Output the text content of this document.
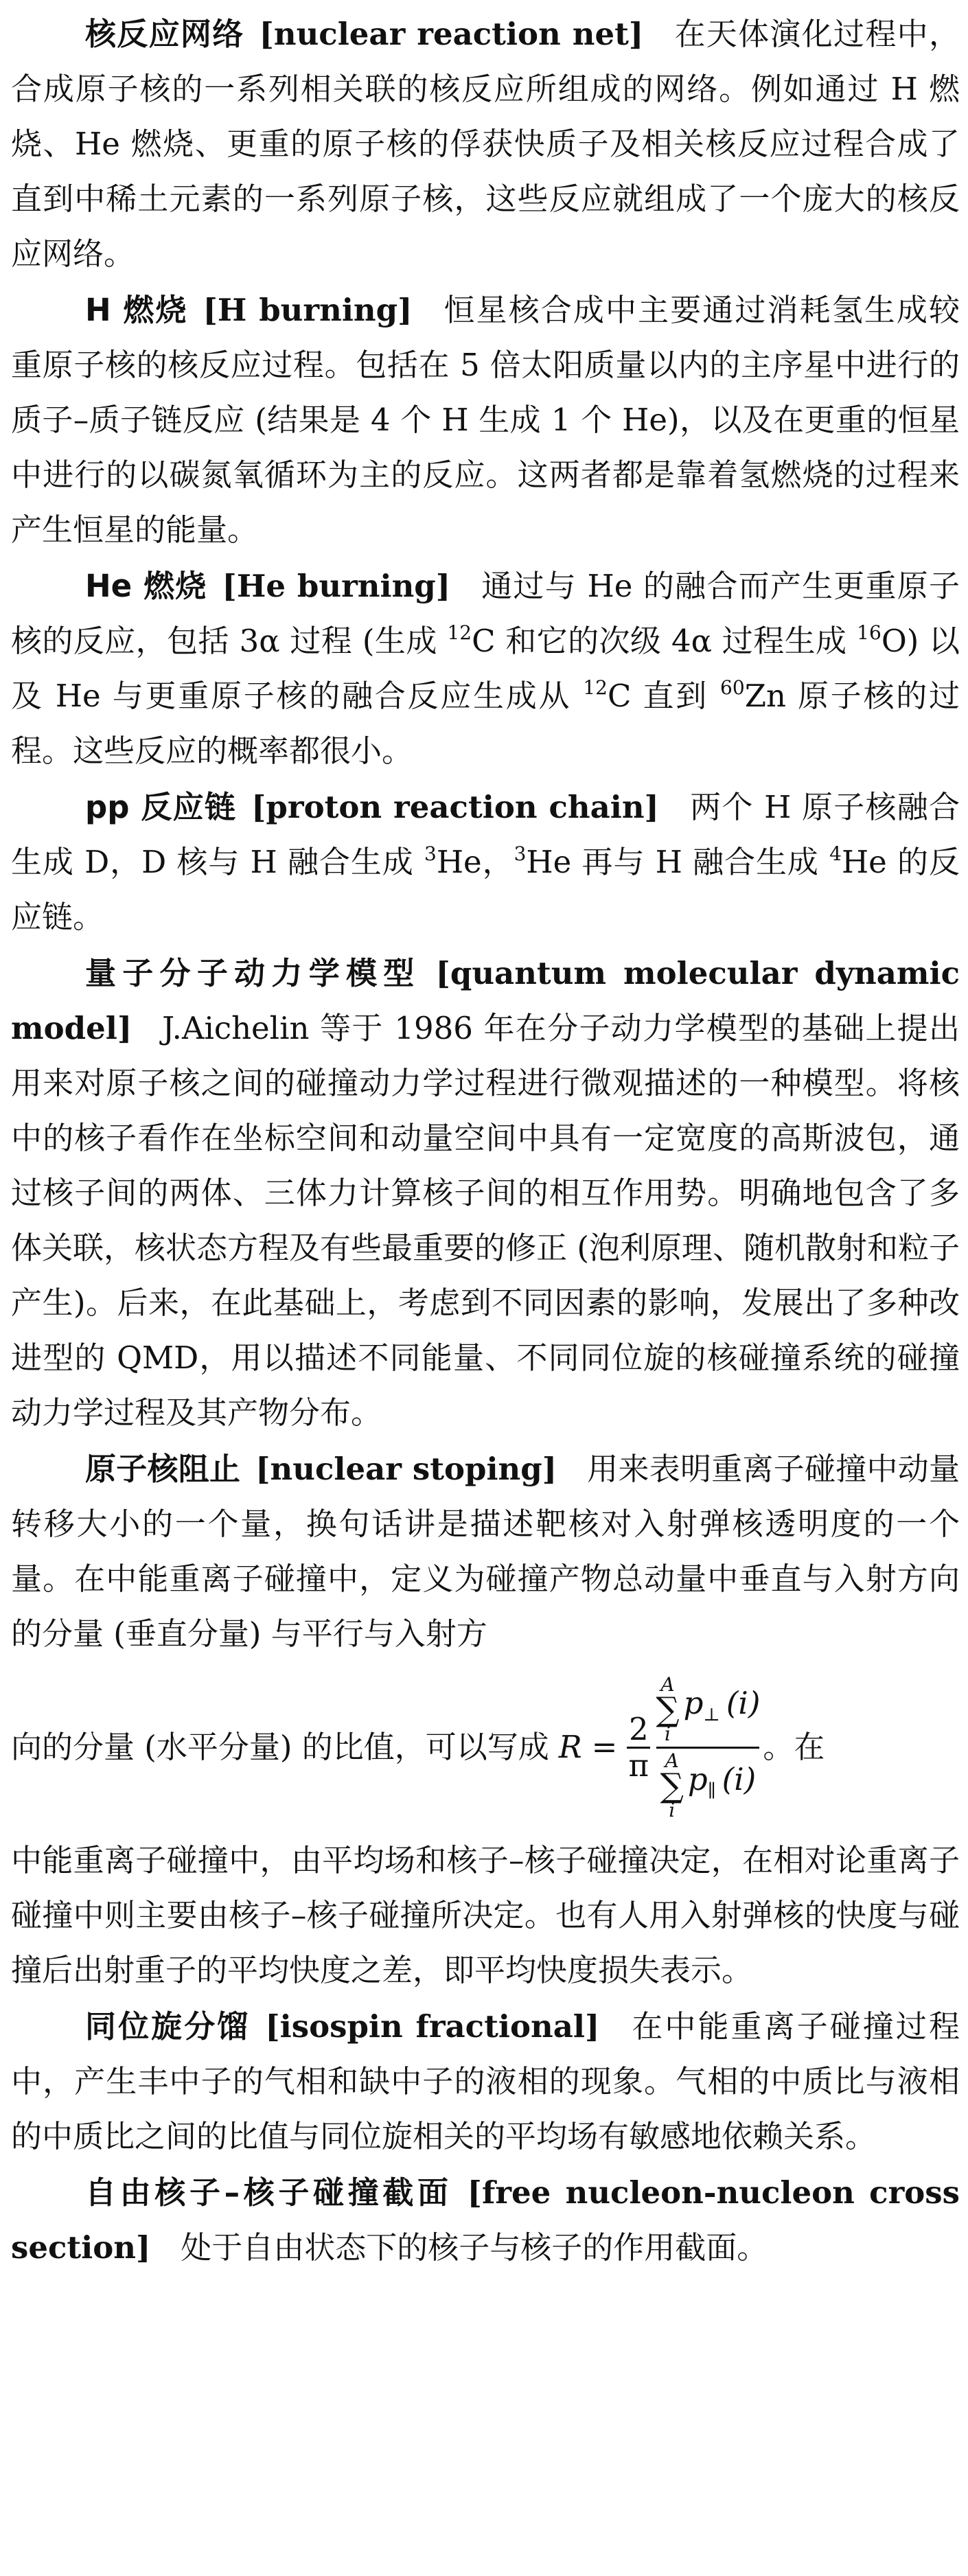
核反应网络 [nuclear reaction net] 在天体演化过程中，合成原子核的一系列相关联的核反应所组成的网络。例如通过 H 燃烧、He 燃烧、更重的原子核的俘获快质子及相关核反应过程合成了直到中稀土元素的一系列原子核，这些反应就组成了一个庞大的核反应网络。

H 燃烧 [H burning] 恒星核合成中主要通过消耗氢生成较重原子核的核反应过程。包括在 5 倍太阳质量以内的主序星中进行的质子–质子链反应 (结果是 4 个 H 生成 1 个 He)，以及在更重的恒星中进行的以碳氮氧循环为主的反应。这两者都是靠着氢燃烧的过程来产生恒星的能量。

He 燃烧 [He burning] 通过与 He 的融合而产生更重原子核的反应，包括 3α 过程 (生成 $^{12}$C 和它的次级 4α 过程生成 $^{16}$O) 以及 He 与更重原子核的融合反应生成从 $^{12}$C 直到 $^{60}$Zn 原子核的过程。这些反应的概率都很小。

pp 反应链 [proton reaction chain] 两个 H 原子核融合生成 D，D 核与 H 融合生成 $^3$He，$^3$He 再与 H 融合生成 $^4$He 的反应链。

量子分子动力学模型 [quantum molecular dynamic model] J.Aichelin 等于 1986 年在分子动力学模型的基础上提出用来对原子核之间的碰撞动力学过程进行微观描述的一种模型。将核中的核子看作在坐标空间和动量空间中具有一定宽度的高斯波包，通过核子间的两体、三体力计算核子间的相互作用势。明确地包含了多体关联，核状态方程及有些最重要的修正 (泡利原理、随机散射和粒子产生)。后来，在此基础上，考虑到不同因素的影响，发展出了多种改进型的 QMD，用以描述不同能量、不同同位旋的核碰撞系统的碰撞动力学过程及其产物分布。

原子核阻止 [nuclear stoping] 用来表明重离子碰撞中动量转移大小的一个量，换句话讲是描述靶核对入射弹核透明度的一个量。在中能重离子碰撞中，定义为碰撞产物总动量中垂直与入射方向的分量 (垂直分量) 与平行与入射方

向的分量 (水平分量) 的比值，可以写成 $R = \frac{2}{\pi}$
A
∑
i
$p_\perp$  (i)
A
∑
i
$p_\parallel$  (i)
。在

中能重离子碰撞中，由平均场和核子–核子碰撞决定，在相对论重离子碰撞中则主要由核子–核子碰撞所决定。也有人用入射弹核的快度与碰撞后出射重子的平均快度之差，即平均快度损失表示。

同位旋分馏 [isospin fractional] 在中能重离子碰撞过程中，产生丰中子的气相和缺中子的液相的现象。气相的中质比与液相的中质比之间的比值与同位旋相关的平均场有敏感地依赖关系。

自由核子–核子碰撞截面 [free nucleon-nucleon cross section] 处于自由状态下的核子与核子的作用截面。
